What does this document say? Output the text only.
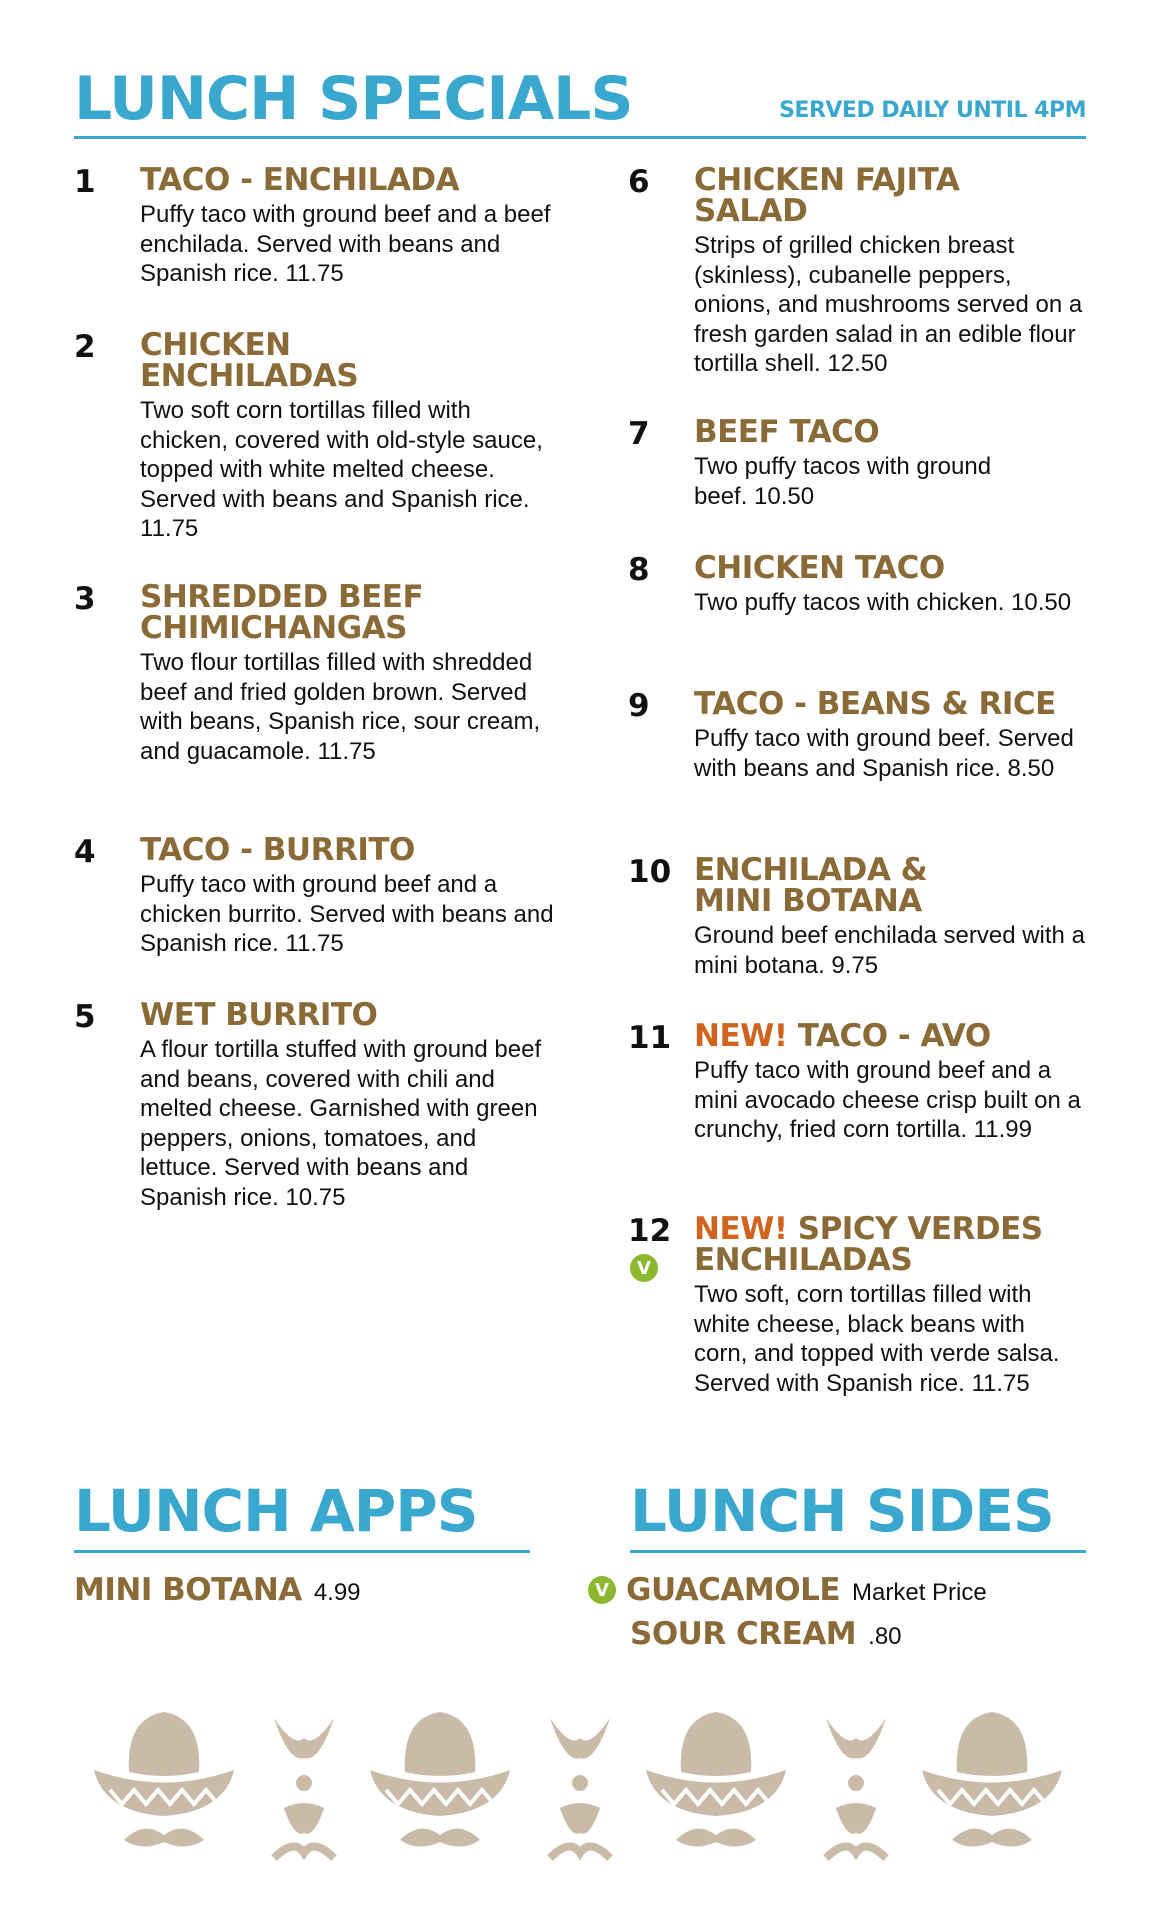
LUNCH SPECIALS	SERVED DAILY UNTIL 4PM
1 TACO - ENCHILADA

Puffy taco with ground beef and a beef enchilada. Served with beans and Spanish rice. 11.75

2 CHICKEN ENCHILADAS

Two soft corn tortillas filled with chicken, covered with old-style sauce, topped with white melted cheese. Served with beans and Spanish rice. 11.75

3 SHREDDED BEEF CHIMICHANGAS

Two flour tortillas filled with shredded beef and fried golden brown. Served with beans, Spanish rice, sour cream, and guacamole. 11.75

4 TACO - BURRITO

Puffy taco with ground beef and a chicken burrito. Served with beans and Spanish rice. 11.75

5 WET BURRITO

A flour tortilla stuffed with ground beef and beans, covered with chili and melted cheese. Garnished with green peppers, onions, tomatoes, and lettuce. Served with beans and Spanish rice. 10.75

6 CHICKEN FAJITA SALAD

Strips of grilled chicken breast (skinless), cubanelle peppers, onions, and mushrooms served on a fresh garden salad in an edible flour tortilla shell. 12.50

7 BEEF TACO

Two puffy tacos with ground beef. 10.50

8 CHICKEN TACO

Two puffy tacos with chicken. 10.50

9 TACO - BEANS & RICE

Puffy taco with ground beef. Served with beans and Spanish rice. 8.50

10 ENCHILADA & MINI BOTANA

Ground beef enchilada served with a mini botana. 9.75

11 NEW! TACO - AVO

Puffy taco with ground beef and a mini avocado cheese crisp built on a crunchy, fried corn tortilla. 11.99

12
V
NEW! SPICY VERDES ENCHILADAS

Two soft, corn tortillas filled with white cheese, black beans with corn, and topped with verde salsa. Served with Spanish rice. 11.75

LUNCH APPS
MINI BOTANA 4.99
LUNCH SIDES
V GUACAMOLE Market Price
SOUR CREAM .80
